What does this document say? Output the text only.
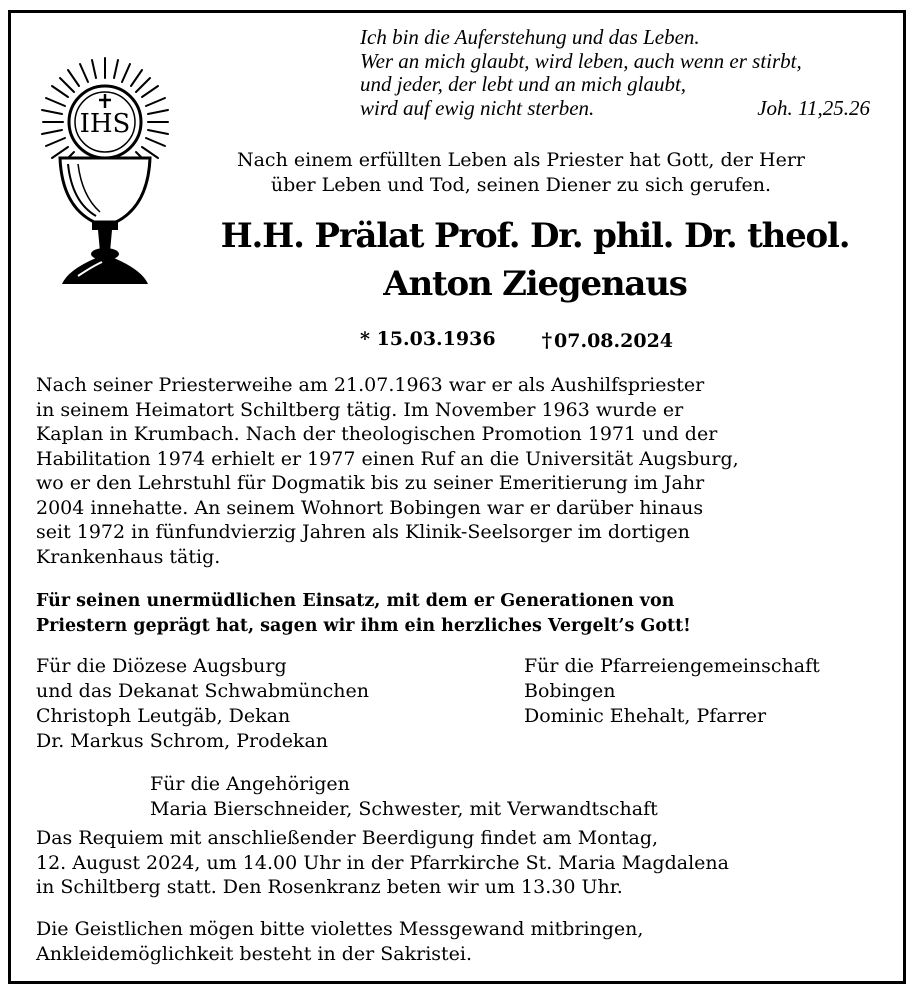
Ich bin die Auferstehung und das Leben.
Wer an mich glaubt, wird leben, auch wenn er stirbt,
und jeder, der lebt und an mich glaubt,
wird auf ewig nicht sterben.	Joh. 11,25.26
IHS
Nach einem erfüllten Leben als Priester hat Gott, der Herr
über Leben und Tod, seinen Diener zu sich gerufen.
H.H. Prälat Prof. Dr. phil. Dr. theol.
Anton Ziegenaus
* 15.03.1936 † 07.08.2024
Nach seiner Priesterweihe am 21.07.1963 war er als Aushilfspriester
in seinem Heimatort Schiltberg tätig. Im November 1963 wurde er
Kaplan in Krumbach. Nach der theologischen Promotion 1971 und der
Habilitation 1974 erhielt er 1977 einen Ruf an die Universität Augsburg,
wo er den Lehrstuhl für Dogmatik bis zu seiner Emeritierung im Jahr
2004 innehatte. An seinem Wohnort Bobingen war er darüber hinaus
seit 1972 in fünfundvierzig Jahren als Klinik-Seelsorger im dortigen
Krankenhaus tätig.
Für seinen unermüdlichen Einsatz, mit dem er Generationen von
Priestern geprägt hat, sagen wir ihm ein herzliches Vergelt’s Gott!
Für die Diözese Augsburg
und das Dekanat Schwabmünchen
Christoph Leutgäb, Dekan
Dr. Markus Schrom, Prodekan
Für die Pfarreiengemeinschaft
Bobingen
Dominic Ehehalt, Pfarrer
Für die Angehörigen
Maria Bierschneider, Schwester, mit Verwandtschaft
Das Requiem mit anschließender Beerdigung findet am Montag,
12. August 2024, um 14.00 Uhr in der Pfarrkirche St. Maria Magdalena
in Schiltberg statt. Den Rosenkranz beten wir um 13.30 Uhr.
Die Geistlichen mögen bitte violettes Messgewand mitbringen,
Ankleidemöglichkeit besteht in der Sakristei.
